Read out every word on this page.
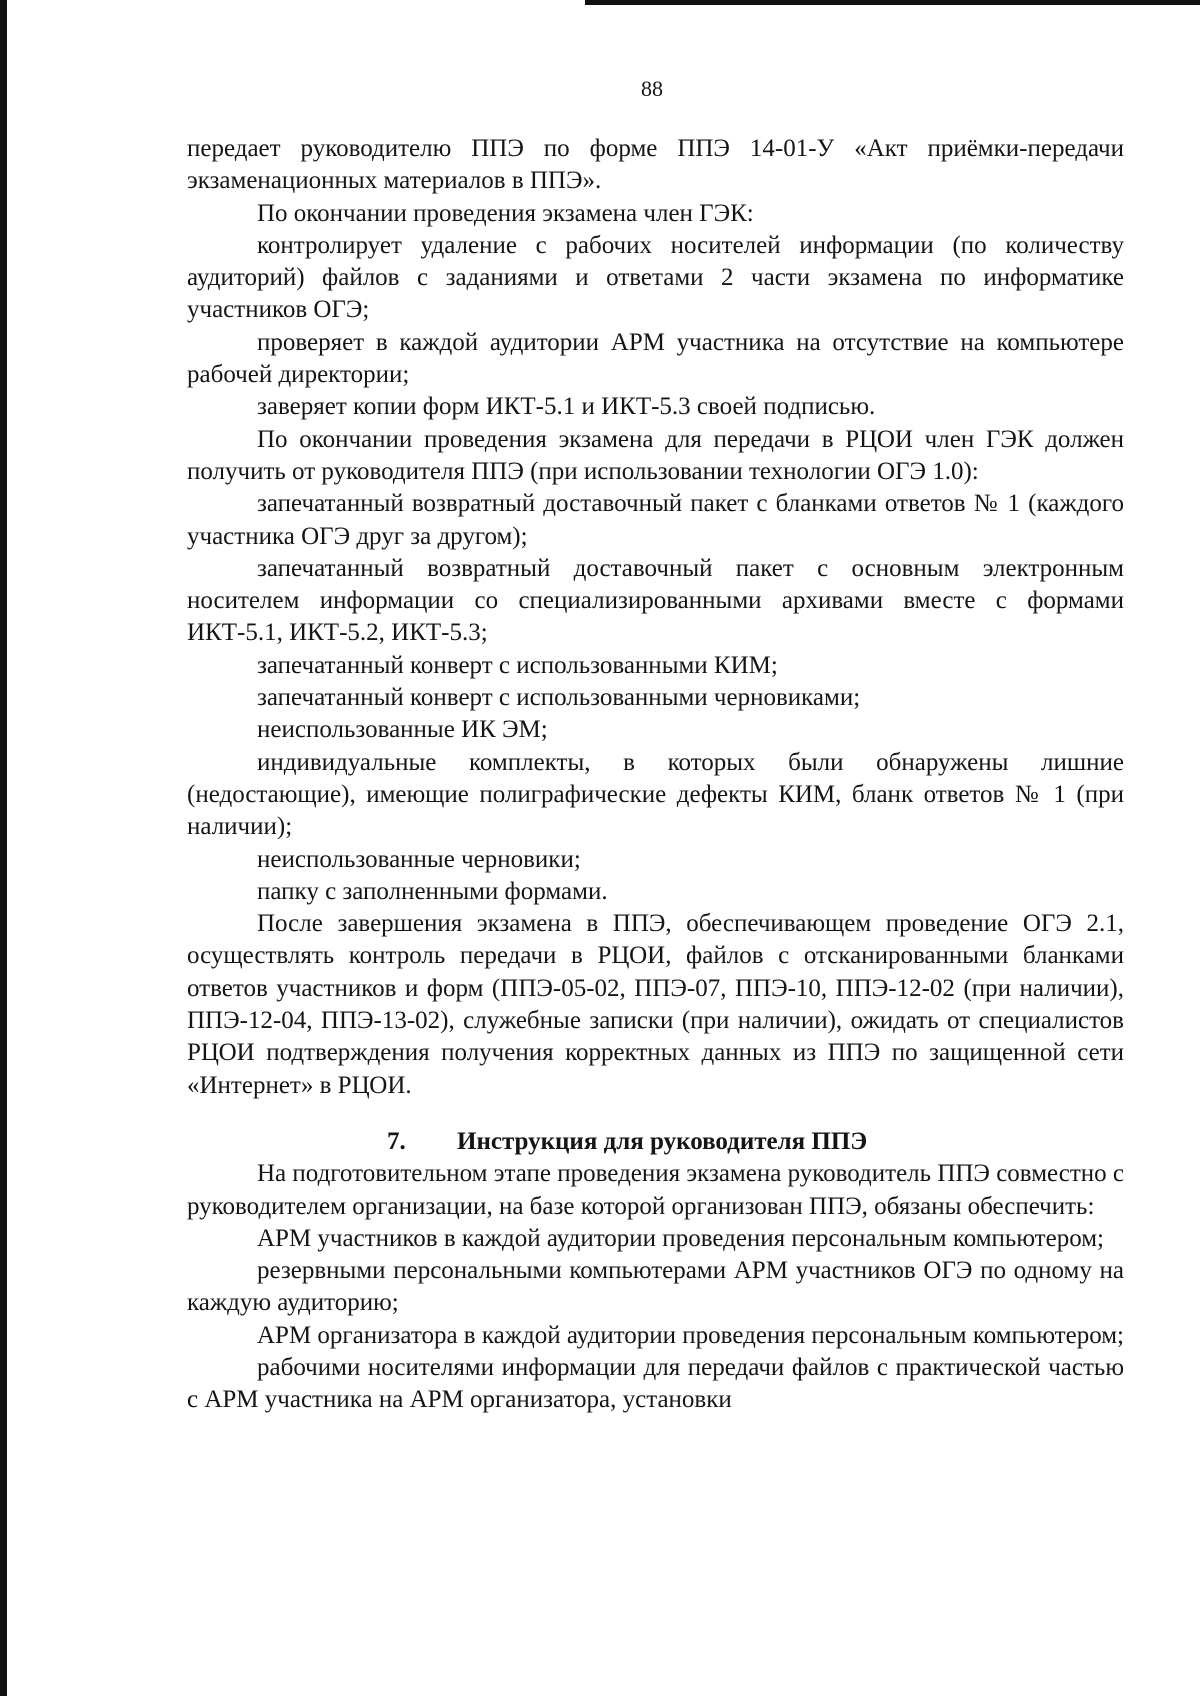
88

передает руководителю ППЭ по форме ППЭ 14-01-У «Акт приёмки-передачи экзаменационных материалов в ППЭ».

По окончании проведения экзамена член ГЭК:

контролирует удаление с рабочих носителей информации (по количеству аудиторий) файлов с заданиями и ответами 2 части экзамена по информатике участников ОГЭ;

проверяет в каждой аудитории АРМ участника на отсутствие на компьютере рабочей директории;

заверяет копии форм ИКТ-5.1 и ИКТ-5.3 своей подписью.

По окончании проведения экзамена для передачи в РЦОИ член ГЭК должен получить от руководителя ППЭ (при использовании технологии ОГЭ 1.0):

запечатанный возвратный доставочный пакет с бланками ответов № 1 (каждого участника ОГЭ друг за другом);

запечатанный возвратный доставочный пакет с основным электронным носителем информации со специализированными архивами вместе с формами ИКТ-5.1, ИКТ-5.2, ИКТ-5.3;

запечатанный конверт с использованными КИМ;

запечатанный конверт с использованными черновиками;

неиспользованные ИК ЭМ;

индивидуальные комплекты, в которых были обнаружены лишние (недостающие), имеющие полиграфические дефекты КИМ, бланк ответов № 1 (при наличии);

неиспользованные черновики;

папку с заполненными формами.

После завершения экзамена в ППЭ, обеспечивающем проведение ОГЭ 2.1, осуществлять контроль передачи в РЦОИ, файлов с отсканированными бланками ответов участников и форм (ППЭ-05-02, ППЭ-07, ППЭ-10, ППЭ-12-02 (при наличии), ППЭ-12-04, ППЭ-13-02), служебные записки (при наличии), ожидать от специалистов РЦОИ подтверждения получения корректных данных из ППЭ по защищенной сети «Интернет» в РЦОИ.

7. Инструкция для руководителя ППЭ

На подготовительном этапе проведения экзамена руководитель ППЭ совместно с руководителем организации, на базе которой организован ППЭ, обязаны обеспечить:

АРМ участников в каждой аудитории проведения персональным компьютером;

резервными персональными компьютерами АРМ участников ОГЭ по одному на каждую аудиторию;

АРМ организатора в каждой аудитории проведения персональным компьютером;

рабочими носителями информации для передачи файлов с практической частью с АРМ участника на АРМ организатора, установки
